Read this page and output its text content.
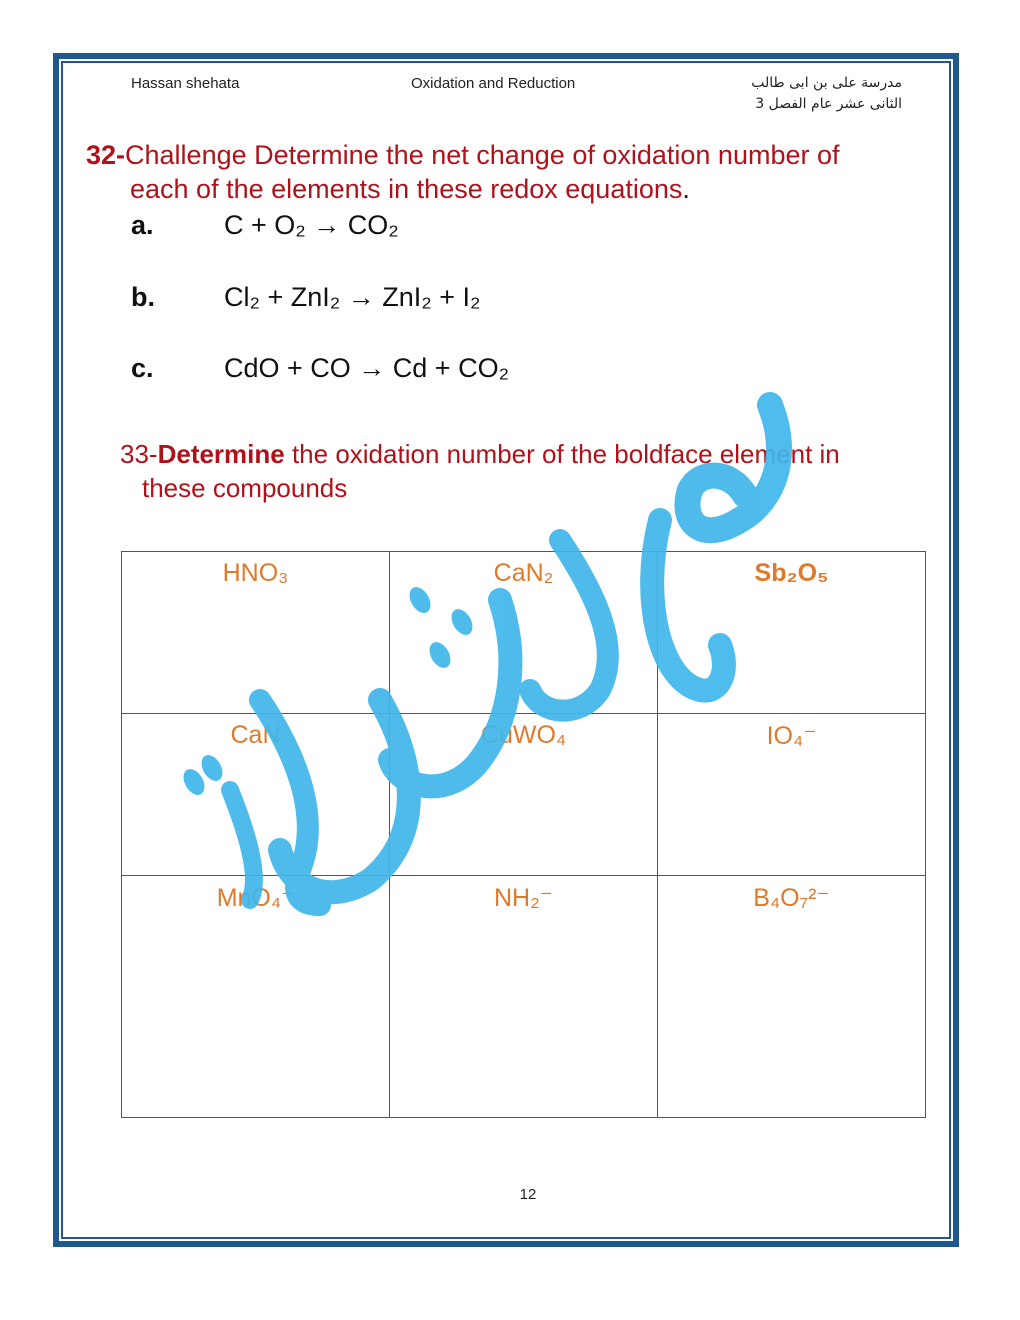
Hassan shehata	Oxidation and Reduction	مدرسة على بن ابى طالب
الثانى عشر عام الفصل 3
32-Challenge Determine the net change of oxidation number of
each of the elements in these redox equations.
a.	C + O₂ → CO₂
b.	Cl₂ + ZnI₂ → ZnI₂ + I₂
c.	CdO + CO → Cd + CO₂
33-Determine the oxidation number of the boldface element in
these compounds
HNO₃	CaN₂	Sb₂O₅

CaN	CuWO₄	IO₄⁻

MnO₄⁻	NH₂⁻	B₄O₇²⁻
12
